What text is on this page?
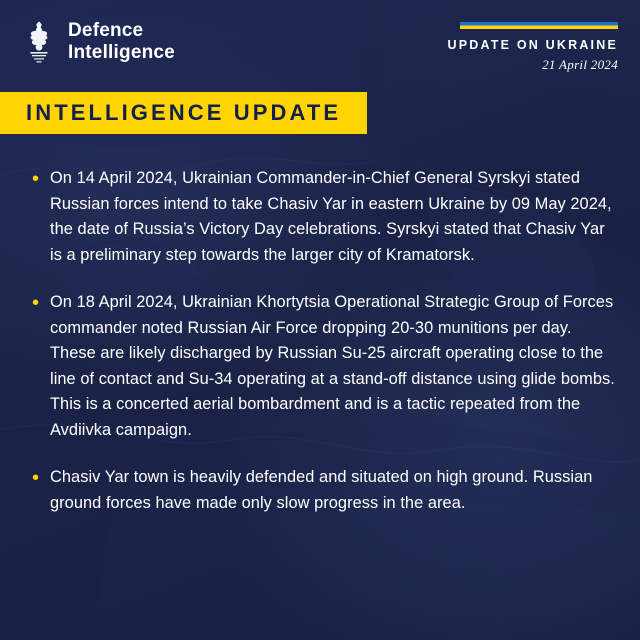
Defence
Intelligence	UPDATE ON UKRAINE
21 April 2024
INTELLIGENCE UPDATE
• On 14 April 2024, Ukrainian Commander-in-Chief General Syrskyi stated Russian forces intend to take Chasiv Yar in eastern Ukraine by 09 May 2024, the date of Russia’s Victory Day celebrations. Syrskyi stated that Chasiv Yar is a preliminary step towards the larger city of Kramatorsk.
• On 18 April 2024, Ukrainian Khortytsia Operational Strategic Group of Forces commander noted Russian Air Force dropping 20-30 munitions per day. These are likely discharged by Russian Su-25 aircraft operating close to the line of contact and Su-34 operating at a stand-off distance using glide bombs. This is a concerted aerial bombardment and is a tactic repeated from the Avdiivka campaign.
• Chasiv Yar town is heavily defended and situated on high ground. Russian ground forces have made only slow progress in the area.
